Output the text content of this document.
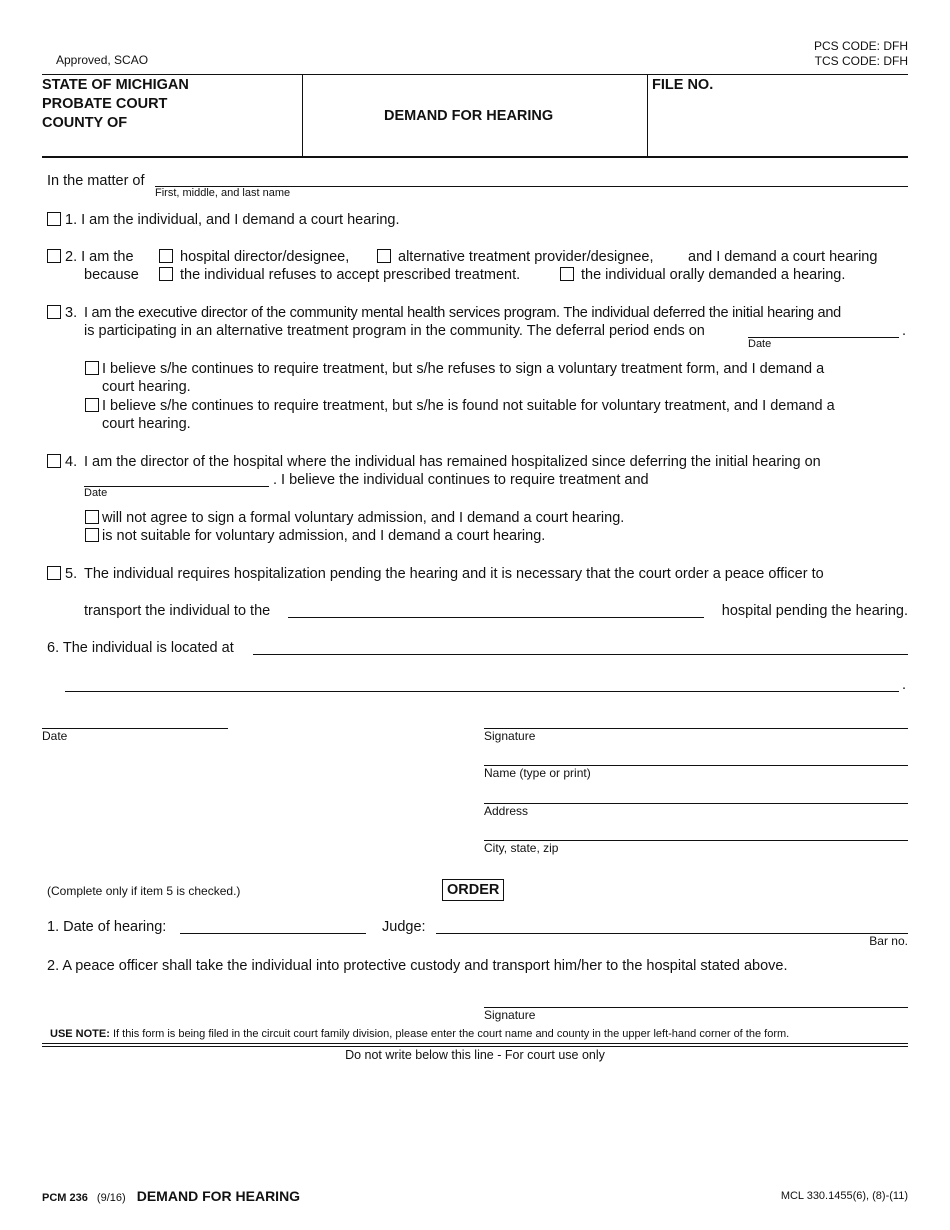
Approved, SCAO
PCS CODE: DFH
TCS CODE: DFH
STATE OF MICHIGAN
PROBATE COURT
COUNTY OF	DEMAND FOR HEARING
FILE NO.
In the matter of
First, middle, and last name
1. I am the individual, and I demand a court hearing.
2. I am the	hospital director/designee,	alternative treatment provider/designee, and I demand a court hearing
because	the individual refuses to accept prescribed treatment.	the individual orally demanded a hearing.
3. I am the executive director of the community mental health services program. The individual deferred the initial hearing and
is participating in an alternative treatment program in the community. The deferral period ends on	.
Date
I believe s/he continues to require treatment, but s/he refuses to sign a voluntary treatment form, and I demand a
court hearing.
I believe s/he continues to require treatment, but s/he is found not suitable for voluntary treatment, and I demand a
court hearing.
4. I am the director of the hospital where the individual has remained hospitalized since deferring the initial hearing on
. I believe the individual continues to require treatment and
Date
will not agree to sign a formal voluntary admission, and I demand a court hearing.
is not suitable for voluntary admission, and I demand a court hearing.
5. The individual requires hospitalization pending the hearing and it is necessary that the court order a peace officer to
transport the individual to the	hospital pending the hearing.
6. The individual is located at
.
Date	Signature
Name (type or print)
Address
City, state, zip
(Complete only if item 5 is checked.)	ORDER
1. Date of hearing:	Judge:
Bar no.
2. A peace officer shall take the individual into protective custody and transport him/her to the hospital stated above.
Signature
USE NOTE: If this form is being filed in the circuit court family division, please enter the court name and county in the upper left-hand corner of the form.
Do not write below this line - For court use only
PCM 236 (9/16) DEMAND FOR HEARING	MCL 330.1455(6), (8)-(11)
